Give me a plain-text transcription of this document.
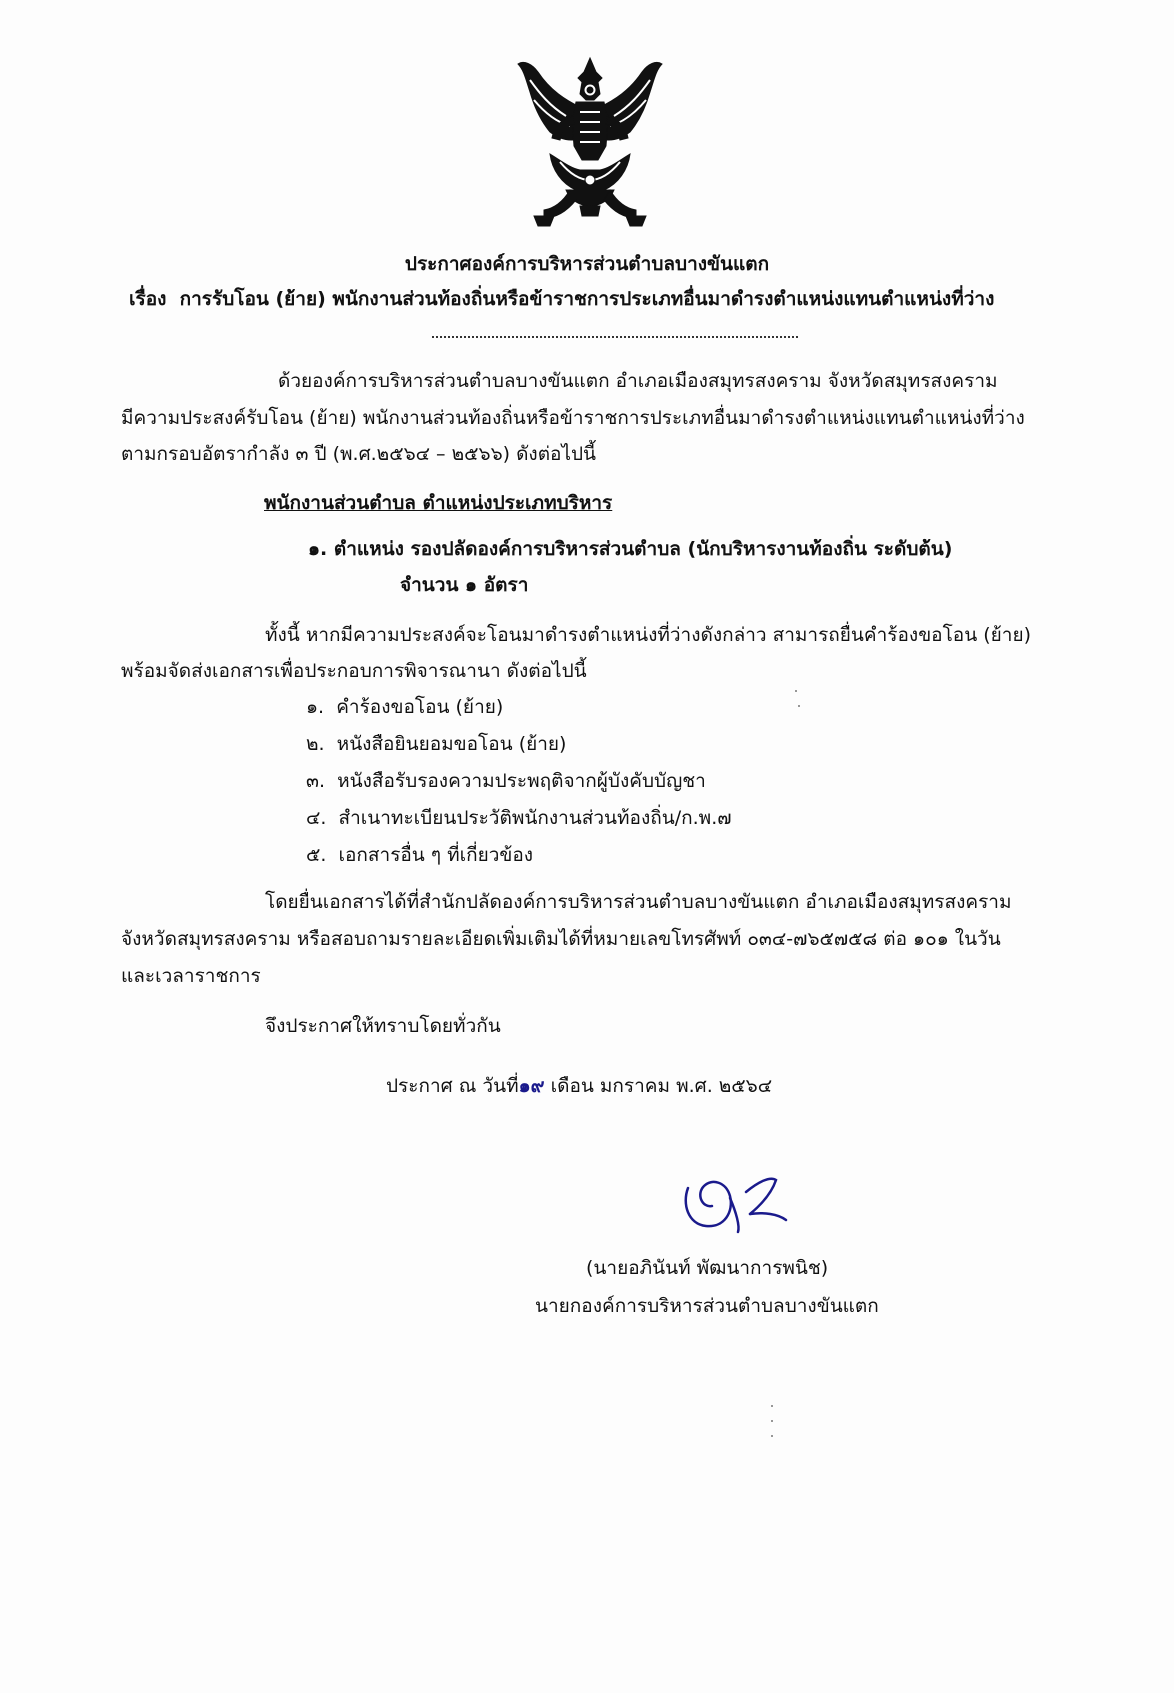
ประกาศองค์การบริหารส่วนตำบลบางขันแตก
เรื่อง การรับโอน (ย้าย) พนักงานส่วนท้องถิ่นหรือข้าราชการประเภทอื่นมาดำรงตำแหน่งแทนตำแหน่งที่ว่าง
ด้วยองค์การบริหารส่วนตำบลบางขันแตก อำเภอเมืองสมุทรสงคราม จังหวัดสมุทรสงคราม
มีความประสงค์รับโอน (ย้าย) พนักงานส่วนท้องถิ่นหรือข้าราชการประเภทอื่นมาดำรงตำแหน่งแทนตำแหน่งที่ว่าง
ตามกรอบอัตรากำลัง ๓ ปี (พ.ศ.๒๕๖๔ – ๒๕๖๖) ดังต่อไปนี้
พนักงานส่วนตำบล ตำแหน่งประเภทบริหาร
๑. ตำแหน่ง รองปลัดองค์การบริหารส่วนตำบล (นักบริหารงานท้องถิ่น ระดับต้น)
จำนวน ๑ อัตรา
ทั้งนี้ หากมีความประสงค์จะโอนมาดำรงตำแหน่งที่ว่างดังกล่าว สามารถยื่นคำร้องขอโอน (ย้าย)
พร้อมจัดส่งเอกสารเพื่อประกอบการพิจารณานา ดังต่อไปนี้
๑. คำร้องขอโอน (ย้าย)
๒. หนังสือยินยอมขอโอน (ย้าย)
๓. หนังสือรับรองความประพฤติจากผู้บังคับบัญชา
๔. สำเนาทะเบียนประวัติพนักงานส่วนท้องถิ่น/ก.พ.๗
๕. เอกสารอื่น ๆ ที่เกี่ยวข้อง
โดยยื่นเอกสารได้ที่สำนักปลัดองค์การบริหารส่วนตำบลบางขันแตก อำเภอเมืองสมุทรสงคราม
จังหวัดสมุทรสงคราม หรือสอบถามรายละเอียดเพิ่มเติมได้ที่หมายเลขโทรศัพท์ ๐๓๔-๗๖๕๗๕๘ ต่อ ๑๐๑ ในวัน
และเวลาราชการ
จึงประกาศให้ทราบโดยทั่วกัน
ประกาศ ณ วันที่๑๙ เดือน มกราคม พ.ศ. ๒๕๖๔
(นายอภินันท์ พัฒนาการพนิช)
นายกองค์การบริหารส่วนตำบลบางขันแตก
